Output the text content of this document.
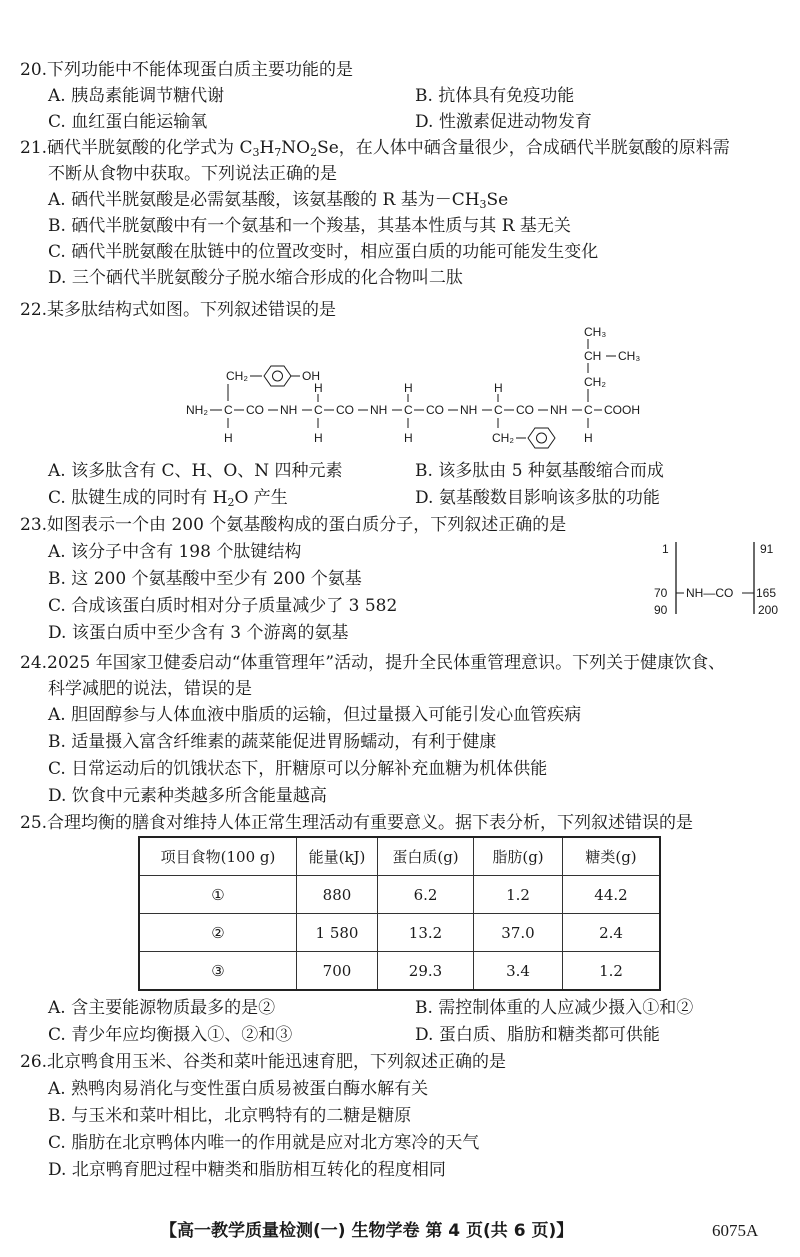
20.下列功能中不能体现蛋白质主要功能的是
A. 胰岛素能调节糖代谢	B. 抗体具有免疫功能
C. 血红蛋白能运输氧	D. 性激素促进动物发育
21.硒代半胱氨酸的化学式为 $C_3H_7NO_2Se$，在人体中硒含量很少，合成硒代半胱氨酸的原料需
不断从食物中获取。下列说法正确的是
A. 硒代半胱氨酸是必需氨基酸，该氨基酸的 R 基为$-CH_3Se$
B. 硒代半胱氨酸中有一个氨基和一个羧基，其基本性质与其 R 基无关
C. 硒代半胱氨酸在肽链中的位置改变时，相应蛋白质的功能可能发生变化
D. 三个硒代半胱氨酸分子脱水缩合形成的化合物叫二肽
22.某多肽结构式如图。下列叙述错误的是
NH₂ C CO NH C CO NH C CO NH C CO NH C COOH
CH₂	OH
H
H
H
H
H
H
CH₂
CH₃
CH CH₃
CH₂
H
A. 该多肽含有 C、H、O、N 四种元素	B. 该多肽由 5 种氨基酸缩合而成
C. 肽键生成的同时有 $H_2O$ 产生	D. 氨基酸数目影响该多肽的功能
23.如图表示一个由 200 个氨基酸构成的蛋白质分子，下列叙述正确的是
A. 该分子中含有 198 个肽键结构
B. 这 200 个氨基酸中至少有 200 个氨基
C. 合成该蛋白质时相对分子质量减少了 3 582
D. 该蛋白质中至少含有 3 个游离的氨基
1
70
90
NH—CO
91
165
200
24.2025 年国家卫健委启动“体重管理年”活动，提升全民体重管理意识。下列关于健康饮食、
科学减肥的说法，错误的是
A. 胆固醇参与人体血液中脂质的运输，但过量摄入可能引发心血管疾病
B. 适量摄入富含纤维素的蔬菜能促进胃肠蠕动，有利于健康
C. 日常运动后的饥饿状态下，肝糖原可以分解补充血糖为机体供能
D. 饮食中元素种类越多所含能量越高
25.合理均衡的膳食对维持人体正常生理活动有重要意义。据下表分析，下列叙述错误的是
项目食物(100 g)	能量(kJ)	蛋白质(g)	脂肪(g)	糖类(g)
①	880	6.2	1.2	44.2
②	1 580	13.2	37.0	2.4
③	700	29.3	3.4	1.2
A. 含主要能源物质最多的是②	B. 需控制体重的人应减少摄入①和②
C. 青少年应均衡摄入①、②和③	D. 蛋白质、脂肪和糖类都可供能
26.北京鸭食用玉米、谷类和菜叶能迅速育肥，下列叙述正确的是
A. 熟鸭肉易消化与变性蛋白质易被蛋白酶水解有关
B. 与玉米和菜叶相比，北京鸭特有的二糖是糖原
C. 脂肪在北京鸭体内唯一的作用就是应对北方寒冷的天气
D. 北京鸭育肥过程中糖类和脂肪相互转化的程度相同
【高一教学质量检测(一) 生物学卷 第 4 页(共 6 页)】	6075A
